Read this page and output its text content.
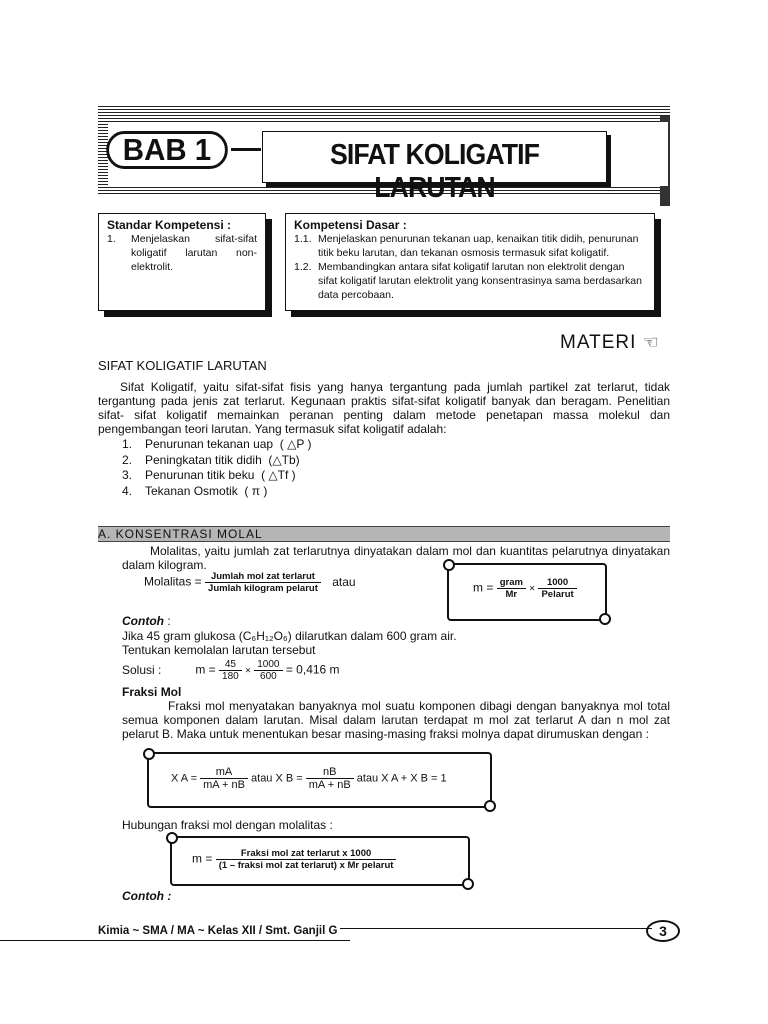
BAB 1	SIFAT KOLIGATIF LARUTAN
Standar Kompetensi :
1. Menjelaskan sifat-sifat koligatif larutan non-elektrolit.
Kompetensi Dasar :
1.1. Menjelaskan penurunan tekanan uap, kenaikan titik didih, penurunan titik beku larutan, dan tekanan osmosis termasuk sifat koligatif.
1.2. Membandingkan antara sifat koligatif larutan non elektrolit dengan sifat koligatif larutan elektrolit yang konsentrasinya sama berdasarkan data percobaan.
MATERI ☜
SIFAT KOLIGATIF LARUTAN
Sifat Koligatif, yaitu sifat-sifat fisis yang hanya tergantung pada jumlah partikel zat terlarut, tidak tergantung pada jenis zat terlarut. Kegunaan praktis sifat-sifat koligatif banyak dan beragam. Penelitian sifat- sifat koligatif memainkan peranan penting dalam metode penetapan massa molekul dan pengembangan teori larutan. Yang termasuk sifat koligatif adalah:
1. Penurunan tekanan uap ( △P )
2. Peningkatan titik didih (△Tb)
3. Penurunan titik beku ( △Tf )
4. Tekanan Osmotik ( π )
A. KONSENTRASI MOLAL
Molalitas, yaitu jumlah zat terlarutnya dinyatakan dalam mol dan kuantitas pelarutnya dinyatakan dalam kilogram.
Molalitas = $\frac{\text{Jumlah mol zat terlarut}}{\text{Jumlah kilogram pelarut}}$ atau	$m = \frac{\text{gram}}{Mr} \times \frac{1000}{\text{Pelarut}}$
Contoh :
Jika 45 gram glukosa (C₆H₁₂O₆) dilarutkan dalam 600 gram air.
Tentukan kemolalan larutan tersebut
Solusi :	$m = \frac{45}{180} \times \frac{1000}{600} = 0,416$ m
Fraksi Mol
Fraksi mol menyatakan banyaknya mol suatu komponen dibagi dengan banyaknya mol total semua komponen dalam larutan. Misal dalam larutan terdapat m mol zat terlarut A dan n mol zat pelarut B. Maka untuk menentukan besar masing-masing fraksi molnya dapat dirumuskan dengan :
X $A = \frac{mA}{mA + nB}$ atau X $B = \frac{nB}{mA + nB}$ atau X A + X B = 1
Hubungan fraksi mol dengan molalitas :
$m = \frac{\text{Fraksi mol zat terlarut x 1000}}{\text{(1 – fraksi mol zat terlarut) x Mr pelarut}}$
Contoh :
Kimia ~ SMA / MA ~ Kelas XII / Smt. Ganjil G	3
